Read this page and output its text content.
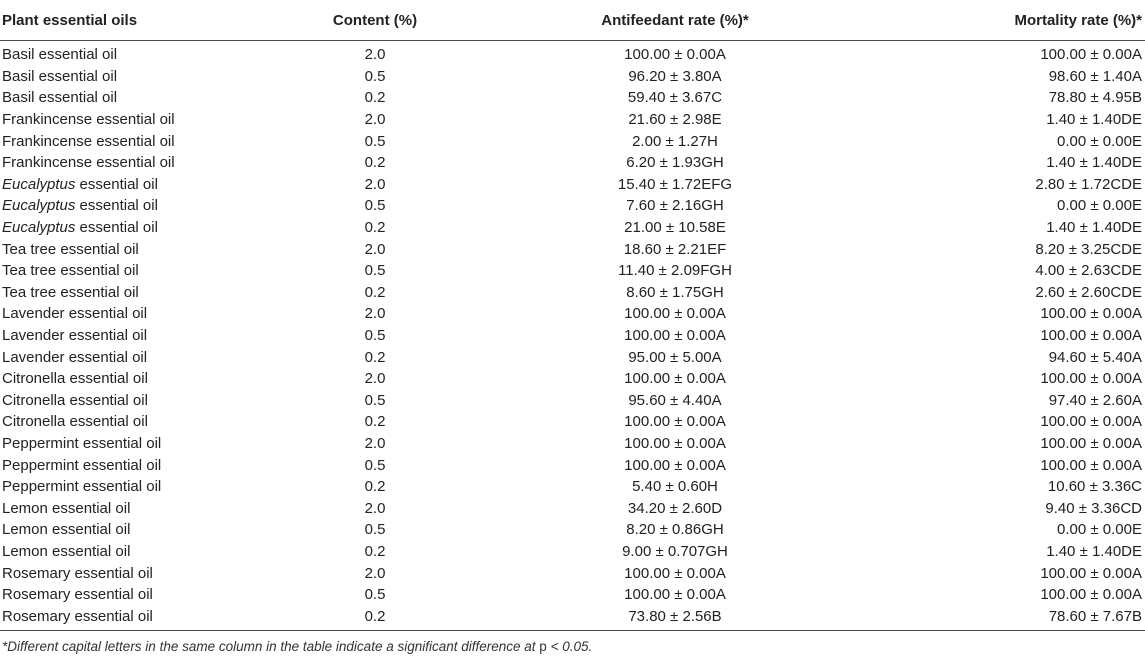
Plant essential oils	Content (%)	Antifeedant rate (%)*	Mortality rate (%)*
Basil essential oil	2.0	100.00 ± 0.00A	100.00 ± 0.00A
Basil essential oil	0.5	96.20 ± 3.80A	98.60 ± 1.40A
Basil essential oil	0.2	59.40 ± 3.67C	78.80 ± 4.95B
Frankincense essential oil	2.0	21.60 ± 2.98E	1.40 ± 1.40DE
Frankincense essential oil	0.5	2.00 ± 1.27H	0.00 ± 0.00E
Frankincense essential oil	0.2	6.20 ± 1.93GH	1.40 ± 1.40DE
Eucalyptus essential oil	2.0	15.40 ± 1.72EFG	2.80 ± 1.72CDE
Eucalyptus essential oil	0.5	7.60 ± 2.16GH	0.00 ± 0.00E
Eucalyptus essential oil	0.2	21.00 ± 10.58E	1.40 ± 1.40DE
Tea tree essential oil	2.0	18.60 ± 2.21EF	8.20 ± 3.25CDE
Tea tree essential oil	0.5	11.40 ± 2.09FGH	4.00 ± 2.63CDE
Tea tree essential oil	0.2	8.60 ± 1.75GH	2.60 ± 2.60CDE
Lavender essential oil	2.0	100.00 ± 0.00A	100.00 ± 0.00A
Lavender essential oil	0.5	100.00 ± 0.00A	100.00 ± 0.00A
Lavender essential oil	0.2	95.00 ± 5.00A	94.60 ± 5.40A
Citronella essential oil	2.0	100.00 ± 0.00A	100.00 ± 0.00A
Citronella essential oil	0.5	95.60 ± 4.40A	97.40 ± 2.60A
Citronella essential oil	0.2	100.00 ± 0.00A	100.00 ± 0.00A
Peppermint essential oil	2.0	100.00 ± 0.00A	100.00 ± 0.00A
Peppermint essential oil	0.5	100.00 ± 0.00A	100.00 ± 0.00A
Peppermint essential oil	0.2	5.40 ± 0.60H	10.60 ± 3.36C
Lemon essential oil	2.0	34.20 ± 2.60D	9.40 ± 3.36CD
Lemon essential oil	0.5	8.20 ± 0.86GH	0.00 ± 0.00E
Lemon essential oil	0.2	9.00 ± 0.707GH	1.40 ± 1.40DE
Rosemary essential oil	2.0	100.00 ± 0.00A	100.00 ± 0.00A
Rosemary essential oil	0.5	100.00 ± 0.00A	100.00 ± 0.00A
Rosemary essential oil	0.2	73.80 ± 2.56B	78.60 ± 7.67B
*Different capital letters in the same column in the table indicate a significant difference at p < 0.05.
